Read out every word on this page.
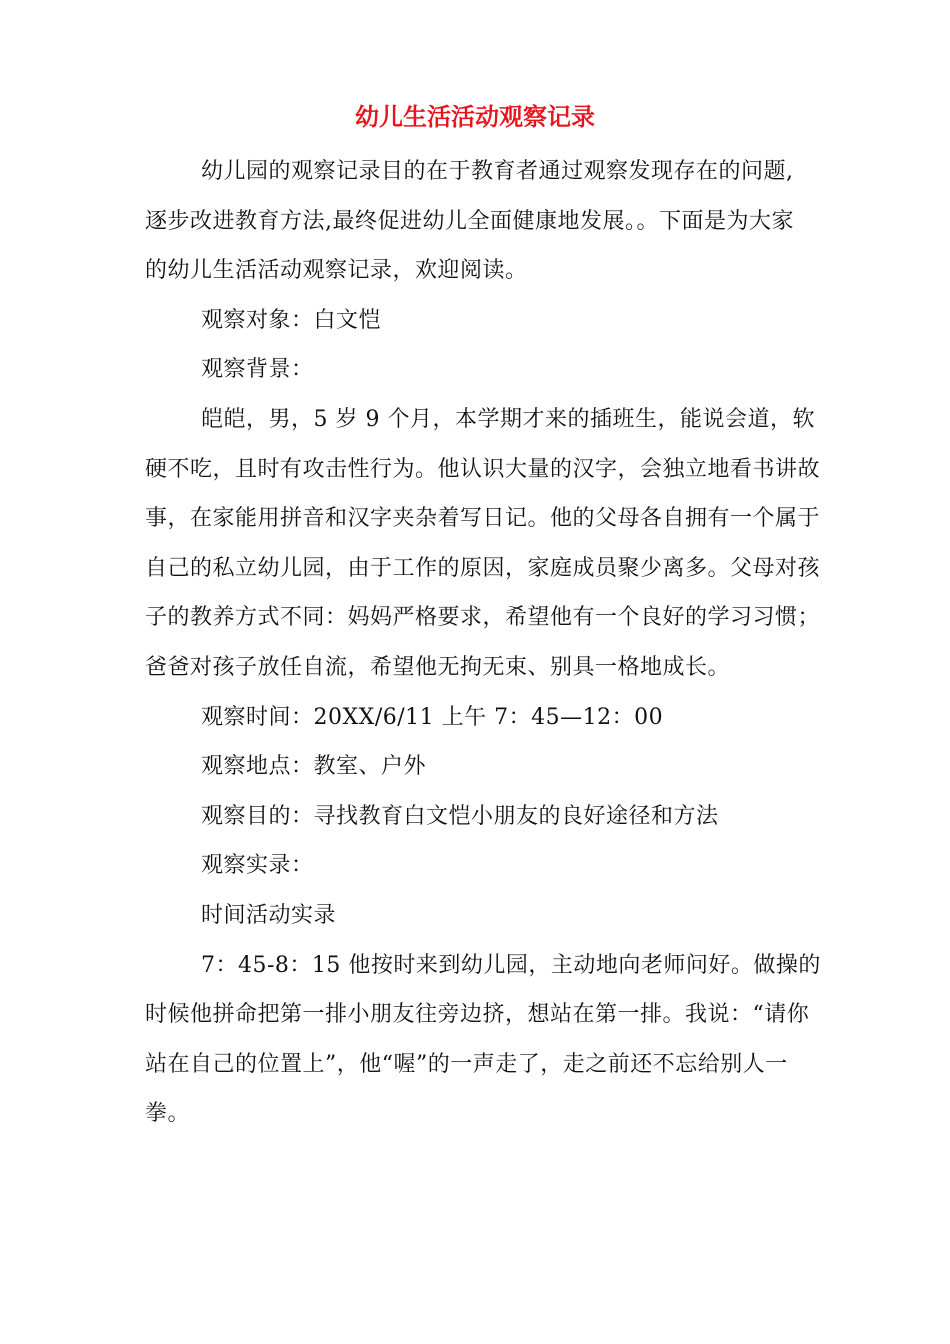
幼儿生活活动观察记录
幼儿园的观察记录目的在于教育者通过观察发现存在的问题,
逐步改进教育方法,最终促进幼儿全面健康地发展。。下面是为大家
的幼儿生活活动观察记录，欢迎阅读。
观察对象：白文恺
观察背景：
皑皑，男，5 岁 9 个月，本学期才来的插班生，能说会道，软
硬不吃，且时有攻击性行为。他认识大量的汉字，会独立地看书讲故
事，在家能用拼音和汉字夹杂着写日记。他的父母各自拥有一个属于
自己的私立幼儿园，由于工作的原因，家庭成员聚少离多。父母对孩
子的教养方式不同：妈妈严格要求，希望他有一个良好的学习习惯；
爸爸对孩子放任自流，希望他无拘无束、别具一格地成长。
观察时间：20XX/6/11 上午 7：45—12：00
观察地点：教室、户外
观察目的：寻找教育白文恺小朋友的良好途径和方法
观察实录：
时间活动实录
7：45-8：15 他按时来到幼儿园，主动地向老师问好。做操的
时候他拼命把第一排小朋友往旁边挤，想站在第一排。我说：“请你
站在自己的位置上”，他“喔”的一声走了，走之前还不忘给别人一
拳。
